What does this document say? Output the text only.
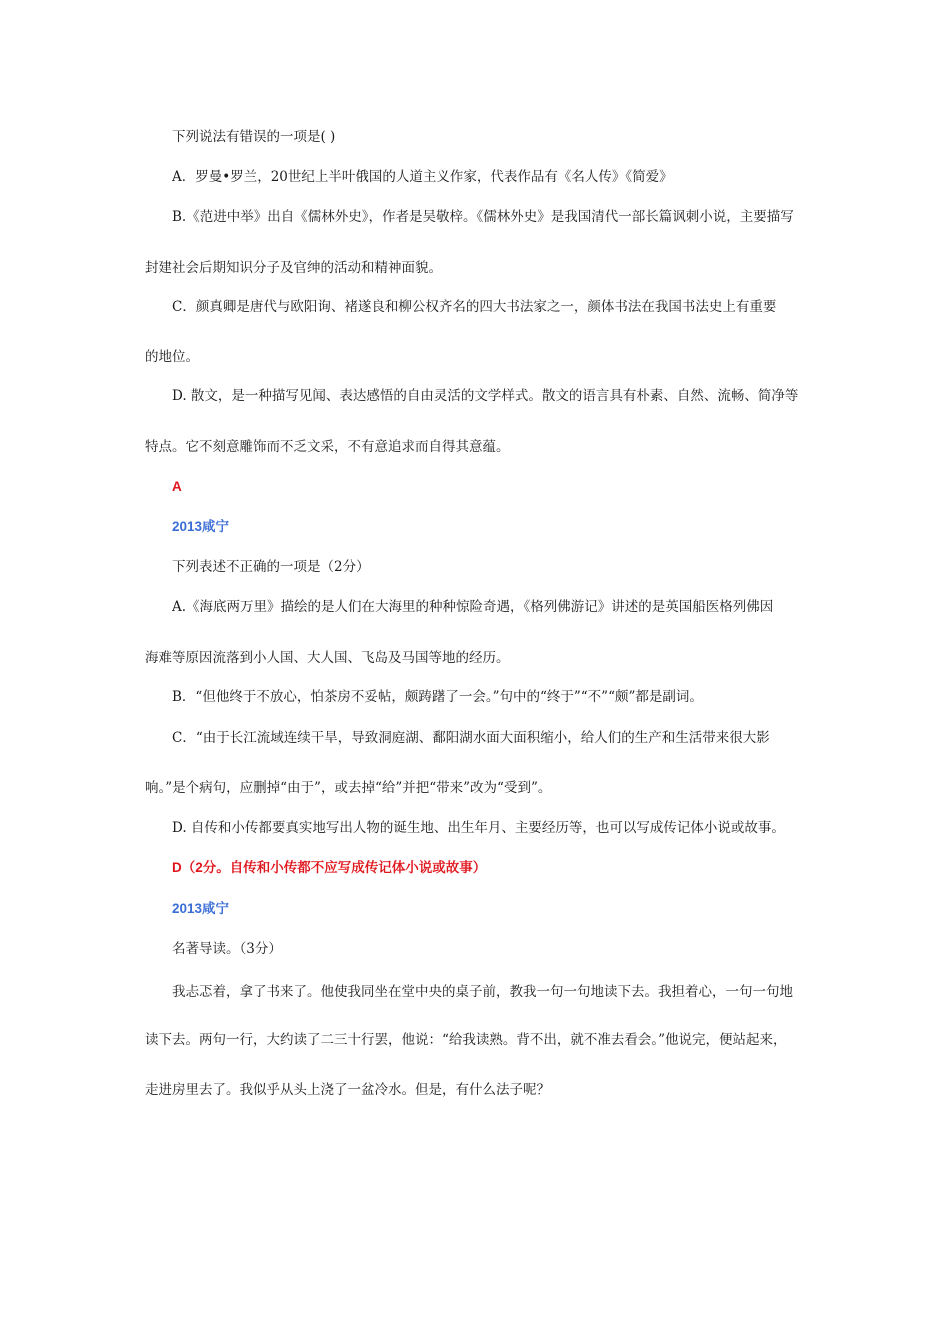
下列说法有错误的一项是( )
A．罗曼•罗兰，20世纪上半叶俄国的人道主义作家，代表作品有《名人传》《简爱》
B.《范进中举》出自《儒林外史》，作者是吴敬梓。《儒林外史》是我国清代一部长篇讽刺小说，主要描写
封建社会后期知识分子及官绅的活动和精神面貌。
C．颜真卿是唐代与欧阳询、褚遂良和柳公权齐名的四大书法家之一，颜体书法在我国书法史上有重要
的地位。
D. 散文，是一种描写见闻、表达感悟的自由灵活的文学样式。散文的语言具有朴素、自然、流畅、简净等
特点。它不刻意雕饰而不乏文采，不有意追求而自得其意蕴。
A
2013咸宁
下列表述不正确的一项是（2分）
A.《海底两万里》描绘的是人们在大海里的种种惊险奇遇，《格列佛游记》讲述的是英国船医格列佛因
海难等原因流落到小人国、大人国、飞岛及马国等地的经历。
B．“但他终于不放心，怕茶房不妥帖，颇踌躇了一会。”句中的“终于”“不”“颇”都是副词。
C．“由于长江流域连续干旱，导致洞庭湖、鄱阳湖水面大面积缩小，给人们的生产和生活带来很大影
响。”是个病句，应删掉“由于”，或去掉“给”并把“带来”改为“受到”。
D. 自传和小传都要真实地写出人物的诞生地、出生年月、主要经历等，也可以写成传记体小说或故事。
D（2分。自传和小传都不应写成传记体小说或故事）
2013咸宁
名著导读。（3分）
我忐忑着，拿了书来了。他使我同坐在堂中央的桌子前，教我一句一句地读下去。我担着心，一句一句地
读下去。两句一行，大约读了二三十行罢，他说：“给我读熟。背不出，就不准去看会。”他说完，便站起来，
走进房里去了。我似乎从头上浇了一盆冷水。但是，有什么法子呢？
